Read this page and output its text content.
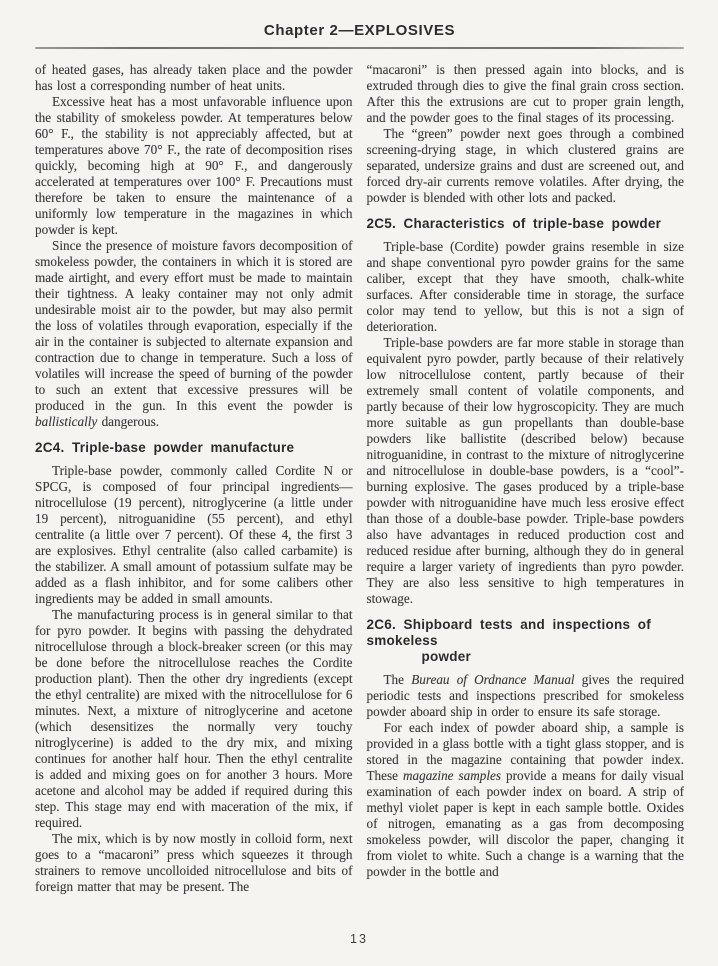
Chapter 2—EXPLOSIVES

of heated gases, has already taken place and the powder has lost a corresponding number of heat units.

Excessive heat has a most unfavorable influence upon the stability of smokeless powder. At temperatures below 60° F., the stability is not appreciably affected, but at temperatures above 70° F., the rate of decomposition rises quickly, becoming high at 90° F., and dangerously accelerated at temperatures over 100° F. Precautions must therefore be taken to ensure the maintenance of a uniformly low temperature in the magazines in which powder is kept.

Since the presence of moisture favors decomposition of smokeless powder, the containers in which it is stored are made airtight, and every effort must be made to maintain their tightness. A leaky container may not only admit undesirable moist air to the powder, but may also permit the loss of volatiles through evaporation, especially if the air in the container is subjected to alternate expansion and contraction due to change in temperature. Such a loss of volatiles will increase the speed of burning of the powder to such an extent that excessive pressures will be produced in the gun. In this event the powder is ballistically dangerous.

2C4. Triple-base powder manufacture

Triple-base powder, commonly called Cordite N or SPCG, is composed of four principal ingredients—nitrocellulose (19 percent), nitroglycerine (a little under 19 percent), nitroguanidine (55 percent), and ethyl centralite (a little over 7 percent). Of these 4, the first 3 are explosives. Ethyl centralite (also called carbamite) is the stabilizer. A small amount of potassium sulfate may be added as a flash inhibitor, and for some calibers other ingredients may be added in small amounts.

The manufacturing process is in general similar to that for pyro powder. It begins with passing the dehydrated nitrocellulose through a block-breaker screen (or this may be done before the nitrocellulose reaches the Cordite production plant). Then the other dry ingredients (except the ethyl centralite) are mixed with the nitrocellulose for 6 minutes. Next, a mixture of nitroglycerine and acetone (which desensitizes the normally very touchy nitroglycerine) is added to the dry mix, and mixing continues for another half hour. Then the ethyl centralite is added and mixing goes on for another 3 hours. More acetone and alcohol may be added if required during this step. This stage may end with maceration of the mix, if required.

The mix, which is by now mostly in colloid form, next goes to a “macaroni” press which squeezes it through strainers to remove uncolloided nitrocellulose and bits of foreign matter that may be present. The

“macaroni” is then pressed again into blocks, and is extruded through dies to give the final grain cross section. After this the extrusions are cut to proper grain length, and the powder goes to the final stages of its processing.

The “green” powder next goes through a combined screening-drying stage, in which clustered grains are separated, undersize grains and dust are screened out, and forced dry-air currents remove volatiles. After drying, the powder is blended with other lots and packed.

2C5. Characteristics of triple-base powder

Triple-base (Cordite) powder grains resemble in size and shape conventional pyro powder grains for the same caliber, except that they have smooth, chalk-white surfaces. After considerable time in storage, the surface color may tend to yellow, but this is not a sign of deterioration.

Triple-base powders are far more stable in storage than equivalent pyro powder, partly because of their relatively low nitrocellulose content, partly because of their extremely small content of volatile components, and partly because of their low hygroscopicity. They are much more suitable as gun propellants than double-base powders like ballistite (described below) because nitroguanidine, in contrast to the mixture of nitroglycerine and nitrocellulose in double-base powders, is a “cool”-burning explosive. The gases produced by a triple-base powder with nitroguanidine have much less erosive effect than those of a double-base powder. Triple-base powders also have advantages in reduced production cost and reduced residue after burning, although they do in general require a larger variety of ingredients than pyro powder. They are also less sensitive to high temperatures in stowage.

2C6. Shipboard tests and inspections of smokeless
powder

The Bureau of Ordnance Manual gives the required periodic tests and inspections prescribed for smokeless powder aboard ship in order to ensure its safe storage.

For each index of powder aboard ship, a sample is provided in a glass bottle with a tight glass stopper, and is stored in the magazine containing that powder index. These magazine samples provide a means for daily visual examination of each powder index on board. A strip of methyl violet paper is kept in each sample bottle. Oxides of nitrogen, emanating as a gas from decomposing smokeless powder, will discolor the paper, changing it from violet to white. Such a change is a warning that the powder in the bottle and

13
